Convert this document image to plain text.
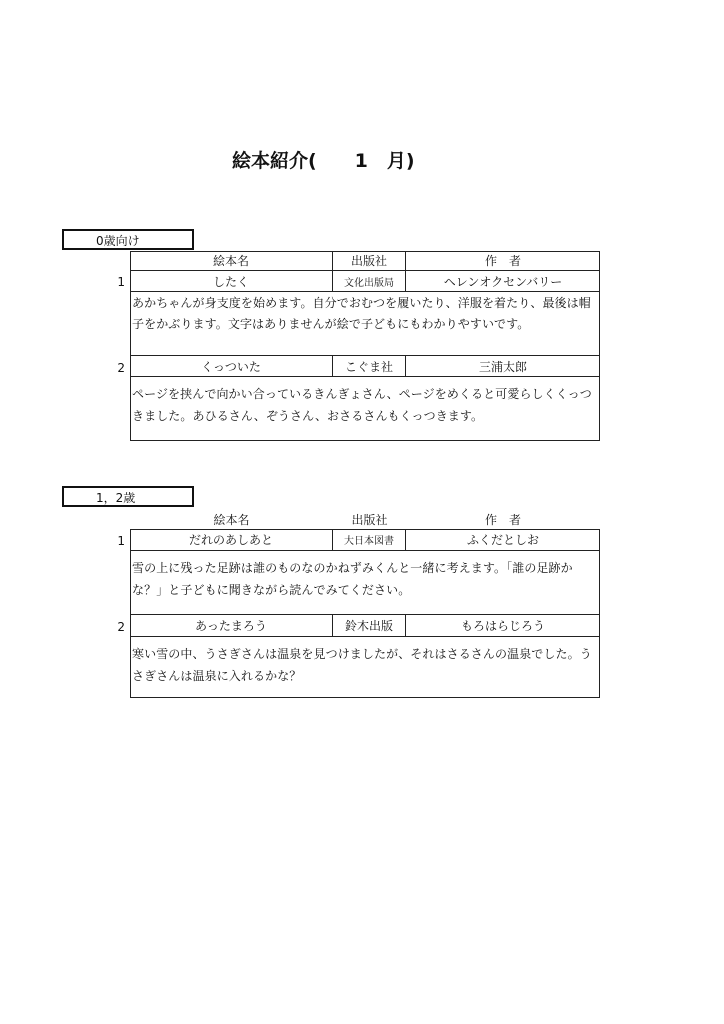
絵本紹介(　　1　月)
0歳向け
絵本名	出版社	作　者
1	したく	文化出版局	ヘレンオクセンバリー
あかちゃんが身支度を始めます。自分でおむつを履いたり、洋服を着たり、最後は帽子をかぶります。文字はありませんが絵で子どもにもわかりやすいです。
2	くっついた	こぐま社	三浦太郎
ページを挟んで向かい合っているきんぎょさん、ページをめくると可愛らしくくっつきました。あひるさん、ぞうさん、おさるさんもくっつきます。
1，2歳
絵本名	出版社	作　者
1	だれのあしあと	大日本図書	ふくだとしお
雪の上に残った足跡は誰のものなのかねずみくんと一緒に考えます。「誰の足跡かな？」と子どもに聞きながら読んでみてください。
2	あったまろう	鈴木出版	もろはらじろう
寒い雪の中、うさぎさんは温泉を見つけましたが、それはさるさんの温泉でした。うさぎさんは温泉に入れるかな？
